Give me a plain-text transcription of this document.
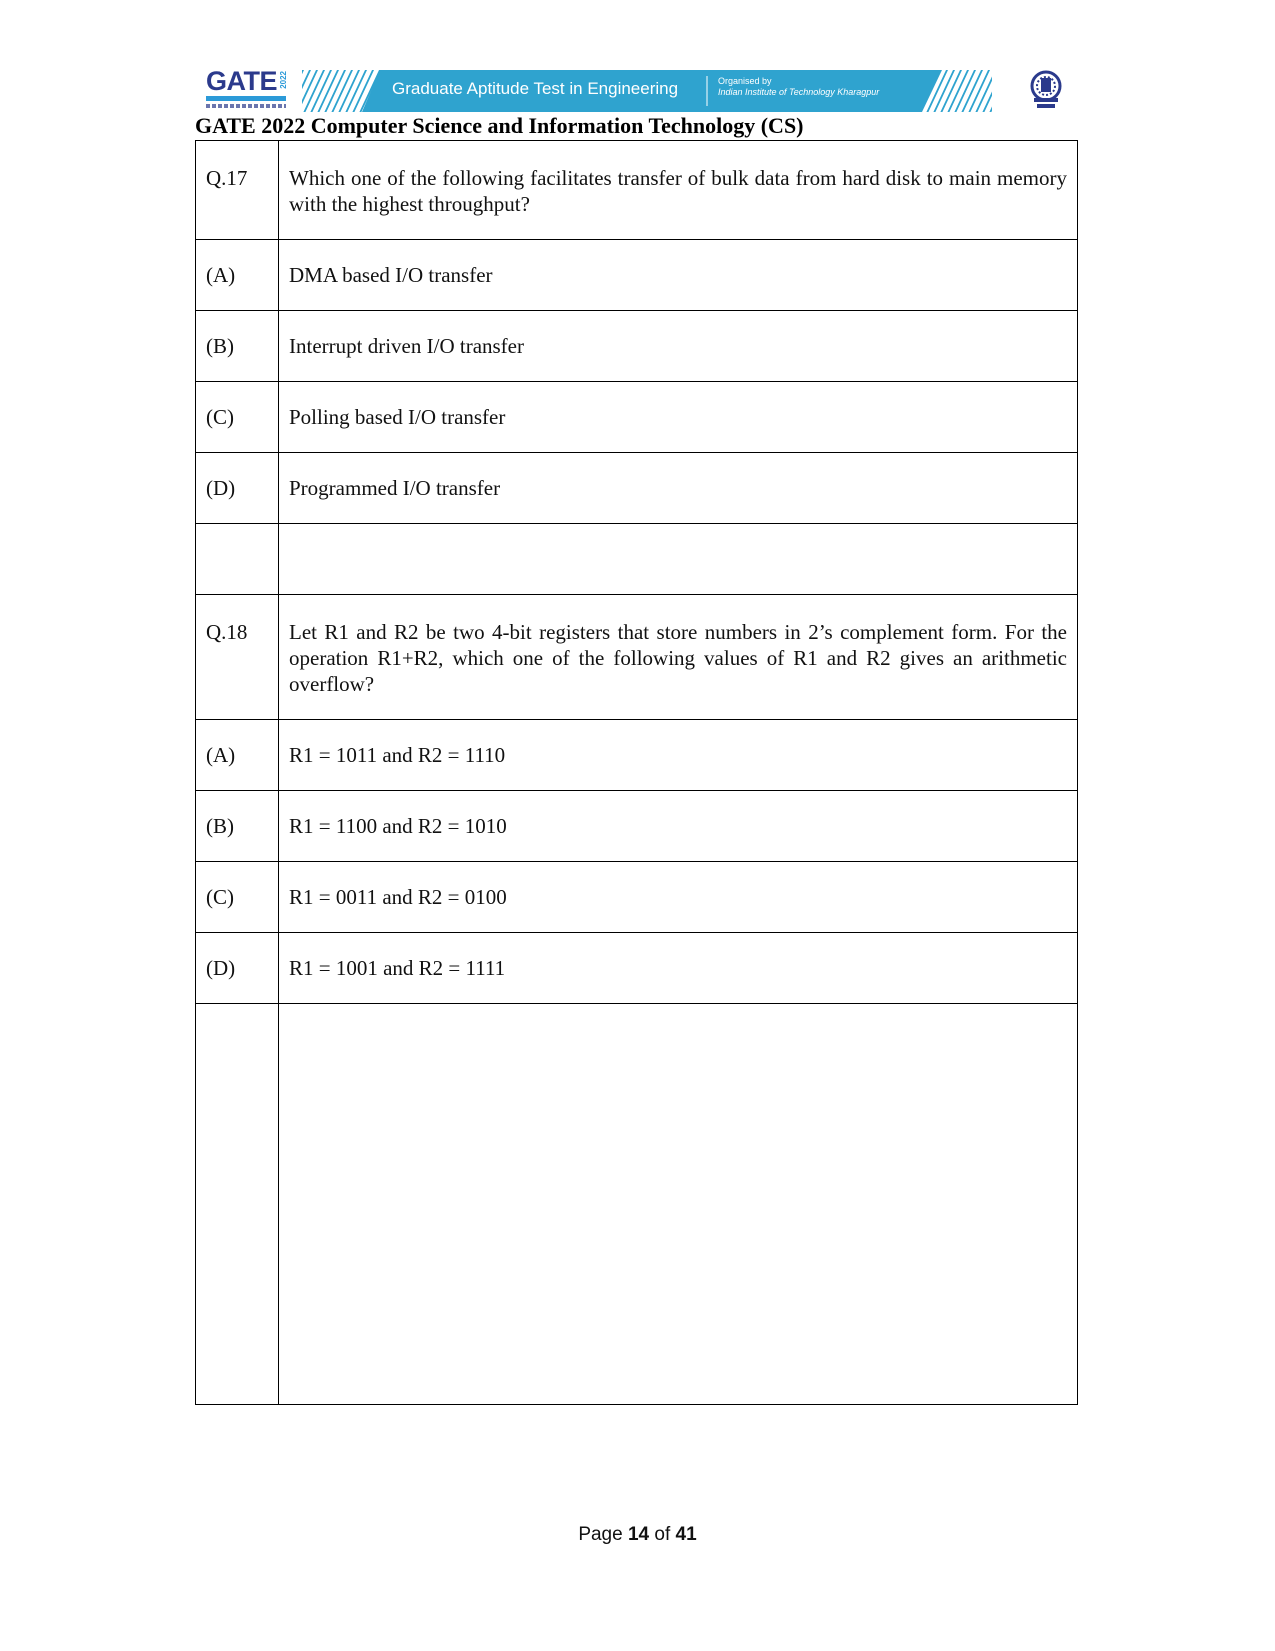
GATE 2022	Graduate Aptitude Test in Engineering	Organised by
Indian Institute of Technology Kharagpur
GATE 2022 Computer Science and Information Technology (CS)
Q.17	Which one of the following facilitates transfer of bulk data from hard disk to main memory with the highest throughput?
(A)	DMA based I/O transfer
(B)	Interrupt driven I/O transfer
(C)	Polling based I/O transfer
(D)	Programmed I/O transfer

Q.18	Let R1 and R2 be two 4-bit registers that store numbers in 2’s complement form. For the operation R1+R2, which one of the following values of R1 and R2 gives an arithmetic overflow?
(A)	R1 = 1011 and R2 = 1110
(B)	R1 = 1100 and R2 = 1010
(C)	R1 = 0011 and R2 = 0100
(D)	R1 = 1001 and R2 = 1111

Page 14 of 41
